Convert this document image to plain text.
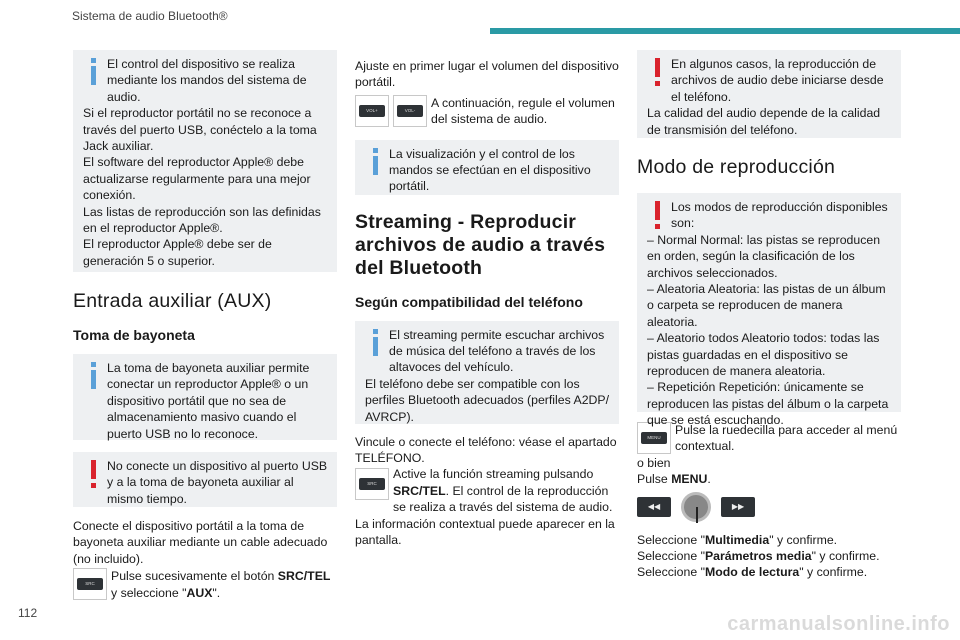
Sistema de audio Bluetooth®
112

El control del dispositivo se realiza mediante los mandos del sistema de audio.

Si el reproductor portátil no se reconoce a través del puerto USB, conéctelo a la toma Jack auxiliar.

El software del reproductor Apple® debe actualizarse regularmente para una mejor conexión.

Las listas de reproducción son las definidas en el reproductor Apple®.

El reproductor Apple® debe ser de generación 5 o superior.

Entrada auxiliar (AUX)
Toma de bayoneta

La toma de bayoneta auxiliar permite conectar un reproductor Apple® o un dispositivo portátil que no sea de almacenamiento masivo cuando el puerto USB no lo reconoce.

No conecte un dispositivo al puerto USB y a la toma de bayoneta auxiliar al mismo tiempo.

Conecte el dispositivo portátil a la toma de bayoneta auxiliar mediante un cable adecuado (no incluido).

SRC

Pulse sucesivamente el botón SRC/TEL y seleccione "AUX".

Ajuste en primer lugar el volumen del dispositivo portátil.

VOL+	VOL-

A continuación, regule el volumen del sistema de audio.

La visualización y el control de los mandos se efectúan en el dispositivo portátil.

Streaming - Reproducir archivos de audio a través del Bluetooth
Según compatibilidad del teléfono

El streaming permite escuchar archivos de música del teléfono a través de los altavoces del vehículo.

El teléfono debe ser compatible con los perfiles Bluetooth adecuados (perfiles A2DP/ AVRCP).

Vincule o conecte el teléfono: véase el apartado TELÉFONO.

SRC
Active la función streaming pulsando SRC/TEL. El control de la reproducción se realiza a través del sistema de audio. La información contextual puede aparecer en la pantalla.

En algunos casos, la reproducción de archivos de audio debe iniciarse desde el teléfono.

La calidad del audio depende de la calidad de transmisión del teléfono.

Modo de reproducción

Los modos de reproducción disponibles son:

– Normal Normal: las pistas se reproducen en orden, según la clasificación de los archivos seleccionados.

– Aleatoria Aleatoria: las pistas de un álbum o carpeta se reproducen de manera aleatoria.

– Aleatorio todos Aleatorio todos: todas las pistas guardadas en el dispositivo se reproducen de manera aleatoria.

– Repetición Repetición: únicamente se reproducen las pistas del álbum o la carpeta que se está escuchando.

MENU

Pulse la ruedecilla para acceder al menú contextual.

o bien

Pulse MENU.

◀◀	▶▶

Seleccione "Multimedia" y confirme.

Seleccione "Parámetros media" y confirme.

Seleccione "Modo de lectura" y confirme.

carmanualsonline.info
